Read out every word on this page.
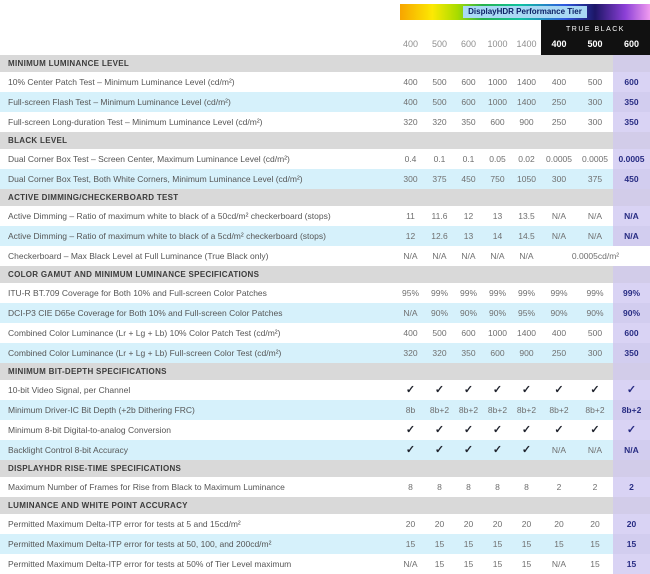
DisplayHDR Performance Tier
TRUE BLACK
400	500	600	1000 1400	400	500	600
MINIMUM LUMINANCE LEVEL
10% Center Patch Test – Minimum Luminance Level (cd/m²)	400	500	600	1000	1400	400	500	600
Full-screen Flash Test – Minimum Luminance Level (cd/m²)	400	500	600	1000	1400	250	300	350
Full-screen Long-duration Test – Minimum Luminance Level (cd/m²)	320	320	350	600	900	250	300	350
BLACK LEVEL
Dual Corner Box Test – Screen Center, Maximum Luminance Level (cd/m²)	0.4	0.1	0.1	0.05	0.02	0.0005	0.0005	0.0005
Dual Corner Box Test, Both White Corners, Minimum Luminance Level (cd/m²)	300	375	450	750	1050	300	375	450
ACTIVE DIMMING/CHECKERBOARD TEST
Active Dimming – Ratio of maximum white to black of a 50cd/m² checkerboard (stops)	11	11.6	12	13	13.5	N/A	N/A	N/A
Active Dimming – Ratio of maximum white to black of a 5cd/m² checkerboard (stops)	12	12.6	13	14	14.5	N/A	N/A	N/A
Checkerboard – Max Black Level at Full Luminance (True Black only)	N/A	N/A	N/A	N/A	N/A	0.0005cd/m²
COLOR GAMUT AND MINIMUM LUMINANCE SPECIFICATIONS
ITU-R BT.709 Coverage for Both 10% and Full-screen Color Patches	95%	99%	99%	99%	99%	99%	99%	99%
DCI-P3 CIE D65e Coverage for Both 10% and Full-screen Color Patches	N/A	90%	90%	90%	95%	90%	90%	90%
Combined Color Luminance (Lr + Lg + Lb) 10% Color Patch Test (cd/m²)	400	500	600	1000	1400	400	500	600
Combined Color Luminance (Lr + Lg + Lb) Full-screen Color Test (cd/m²)	320	320	350	600	900	250	300	350
MINIMUM BIT-DEPTH SPECIFICATIONS
10-bit Video Signal, per Channel	✓ ✓ ✓ ✓ ✓ ✓ ✓ ✓
Minimum Driver-IC Bit Depth (+2b Dithering FRC)	8b	8b+2	8b+2	8b+2	8b+2	8b+2	8b+2	8b+2
Minimum 8-bit Digital-to-analog Conversion	✓ ✓ ✓ ✓ ✓ ✓ ✓ ✓
Backlight Control 8-bit Accuracy	✓ ✓ ✓ ✓ ✓	N/A	N/A	N/A
DISPLAYHDR RISE-TIME SPECIFICATIONS
Maximum Number of Frames for Rise from Black to Maximum Luminance	8	8	8	8	8	2	2	2
LUMINANCE AND WHITE POINT ACCURACY
Permitted Maximum Delta-ITP error for tests at 5 and 15cd/m²	20	20	20	20	20	20	20	20
Permitted Maximum Delta-ITP error for tests at 50, 100, and 200cd/m²	15	15	15	15	15	15	15	15
Permitted Maximum Delta-ITP error for tests at 50% of Tier Level maximum	N/A	15	15	15	15	N/A	15	15
